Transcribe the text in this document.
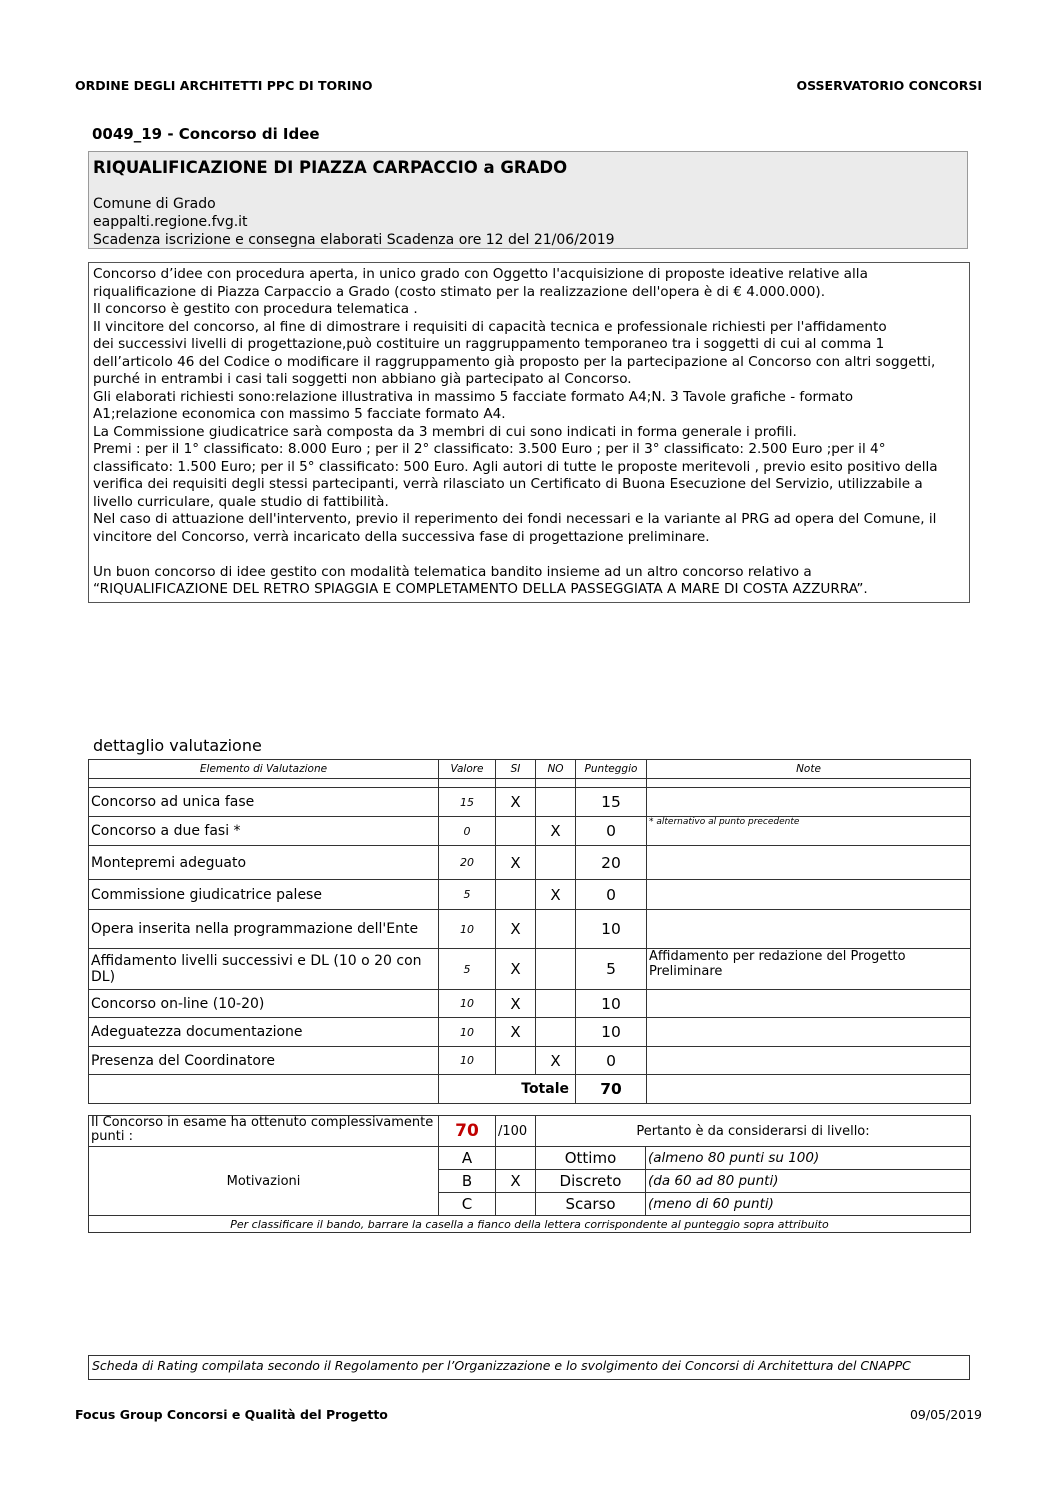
ORDINE DEGLI ARCHITETTI PPC DI TORINO	OSSERVATORIO CONCORSI
0049_19 - Concorso di Idee
RIQUALIFICAZIONE DI PIAZZA CARPACCIO a GRADO
Comune di Grado
eappalti.regione.fvg.it
Scadenza iscrizione e consegna elaborati Scadenza ore 12 del 21/06/2019

Concorso d’idee con procedura aperta, in unico grado con Oggetto l'acquisizione di proposte ideative relative alla
riqualificazione di Piazza Carpaccio a Grado (costo stimato per la realizzazione dell'opera è di € 4.000.000).
Il concorso è gestito con procedura telematica .
Il vincitore del concorso, al fine di dimostrare i requisiti di capacità tecnica e professionale richiesti per l'affidamento
dei successivi livelli di progettazione,può costituire un raggruppamento temporaneo tra i soggetti di cui al comma 1
dell’articolo 46 del Codice o modificare il raggruppamento già proposto per la partecipazione al Concorso con altri soggetti,
purché in entrambi i casi tali soggetti non abbiano già partecipato al Concorso.
Gli elaborati richiesti sono:relazione illustrativa in massimo 5 facciate formato A4;N. 3 Tavole grafiche - formato
A1;relazione economica con massimo 5 facciate formato A4.
La Commissione giudicatrice sarà composta da 3 membri di cui sono indicati in forma generale i profili.
Premi : per il 1° classificato: 8.000 Euro ; per il 2° classificato: 3.500 Euro ; per il 3° classificato: 2.500 Euro ;per il 4°
classificato: 1.500 Euro; per il 5° classificato: 500 Euro. Agli autori di tutte le proposte meritevoli , previo esito positivo della
verifica dei requisiti degli stessi partecipanti, verrà rilasciato un Certificato di Buona Esecuzione del Servizio, utilizzabile a
livello curriculare, quale studio di fattibilità.
Nel caso di attuazione dell'intervento, previo il reperimento dei fondi necessari e la variante al PRG ad opera del Comune, il
vincitore del Concorso, verrà incaricato della successiva fase di progettazione preliminare.

Un buon concorso di idee gestito con modalità telematica bandito insieme ad un altro concorso relativo a
“RIQUALIFICAZIONE DEL RETRO SPIAGGIA E COMPLETAMENTO DELLA PASSEGGIATA A MARE DI COSTA AZZURRA”.

dettaglio valutazione
Elemento di Valutazione	Valore	SI	NO	Punteggio	Note

Concorso ad unica fase	15	X		15	
Concorso a due fasi *	0		X	0	* alternativo al punto precedente
Montepremi adeguato	20	X		20	
Commissione giudicatrice palese	5		X	0	
Opera inserita nella programmazione dell'Ente	10	X		10	
Affidamento livelli successivi e DL (10 o 20 con DL)	5	X		5	Affidamento per redazione del Progetto Preliminare
Concorso on-line (10-20)	10	X		10	
Adeguatezza documentazione	10	X		10	
Presenza del Coordinatore	10		X	0	
	Totale			70	
Il Concorso in esame ha ottenuto complessivamente punti :	70	/100	Pertanto è da considerarsi di livello:	
Motivazioni	A		Ottimo	(almeno 80 punti su 100)
	B	X	Discreto	(da 60 ad 80 punti)
	C		Scarso	(meno di 60 punti)
Per classificare il bando, barrare la casella a fianco della lettera corrispondente al punteggio sopra attribuito				
Scheda di Rating compilata secondo il Regolamento per l’Organizzazione e lo svolgimento dei Concorsi di Architettura del CNAPPC
Focus Group Concorsi e Qualità del Progetto	09/05/2019
